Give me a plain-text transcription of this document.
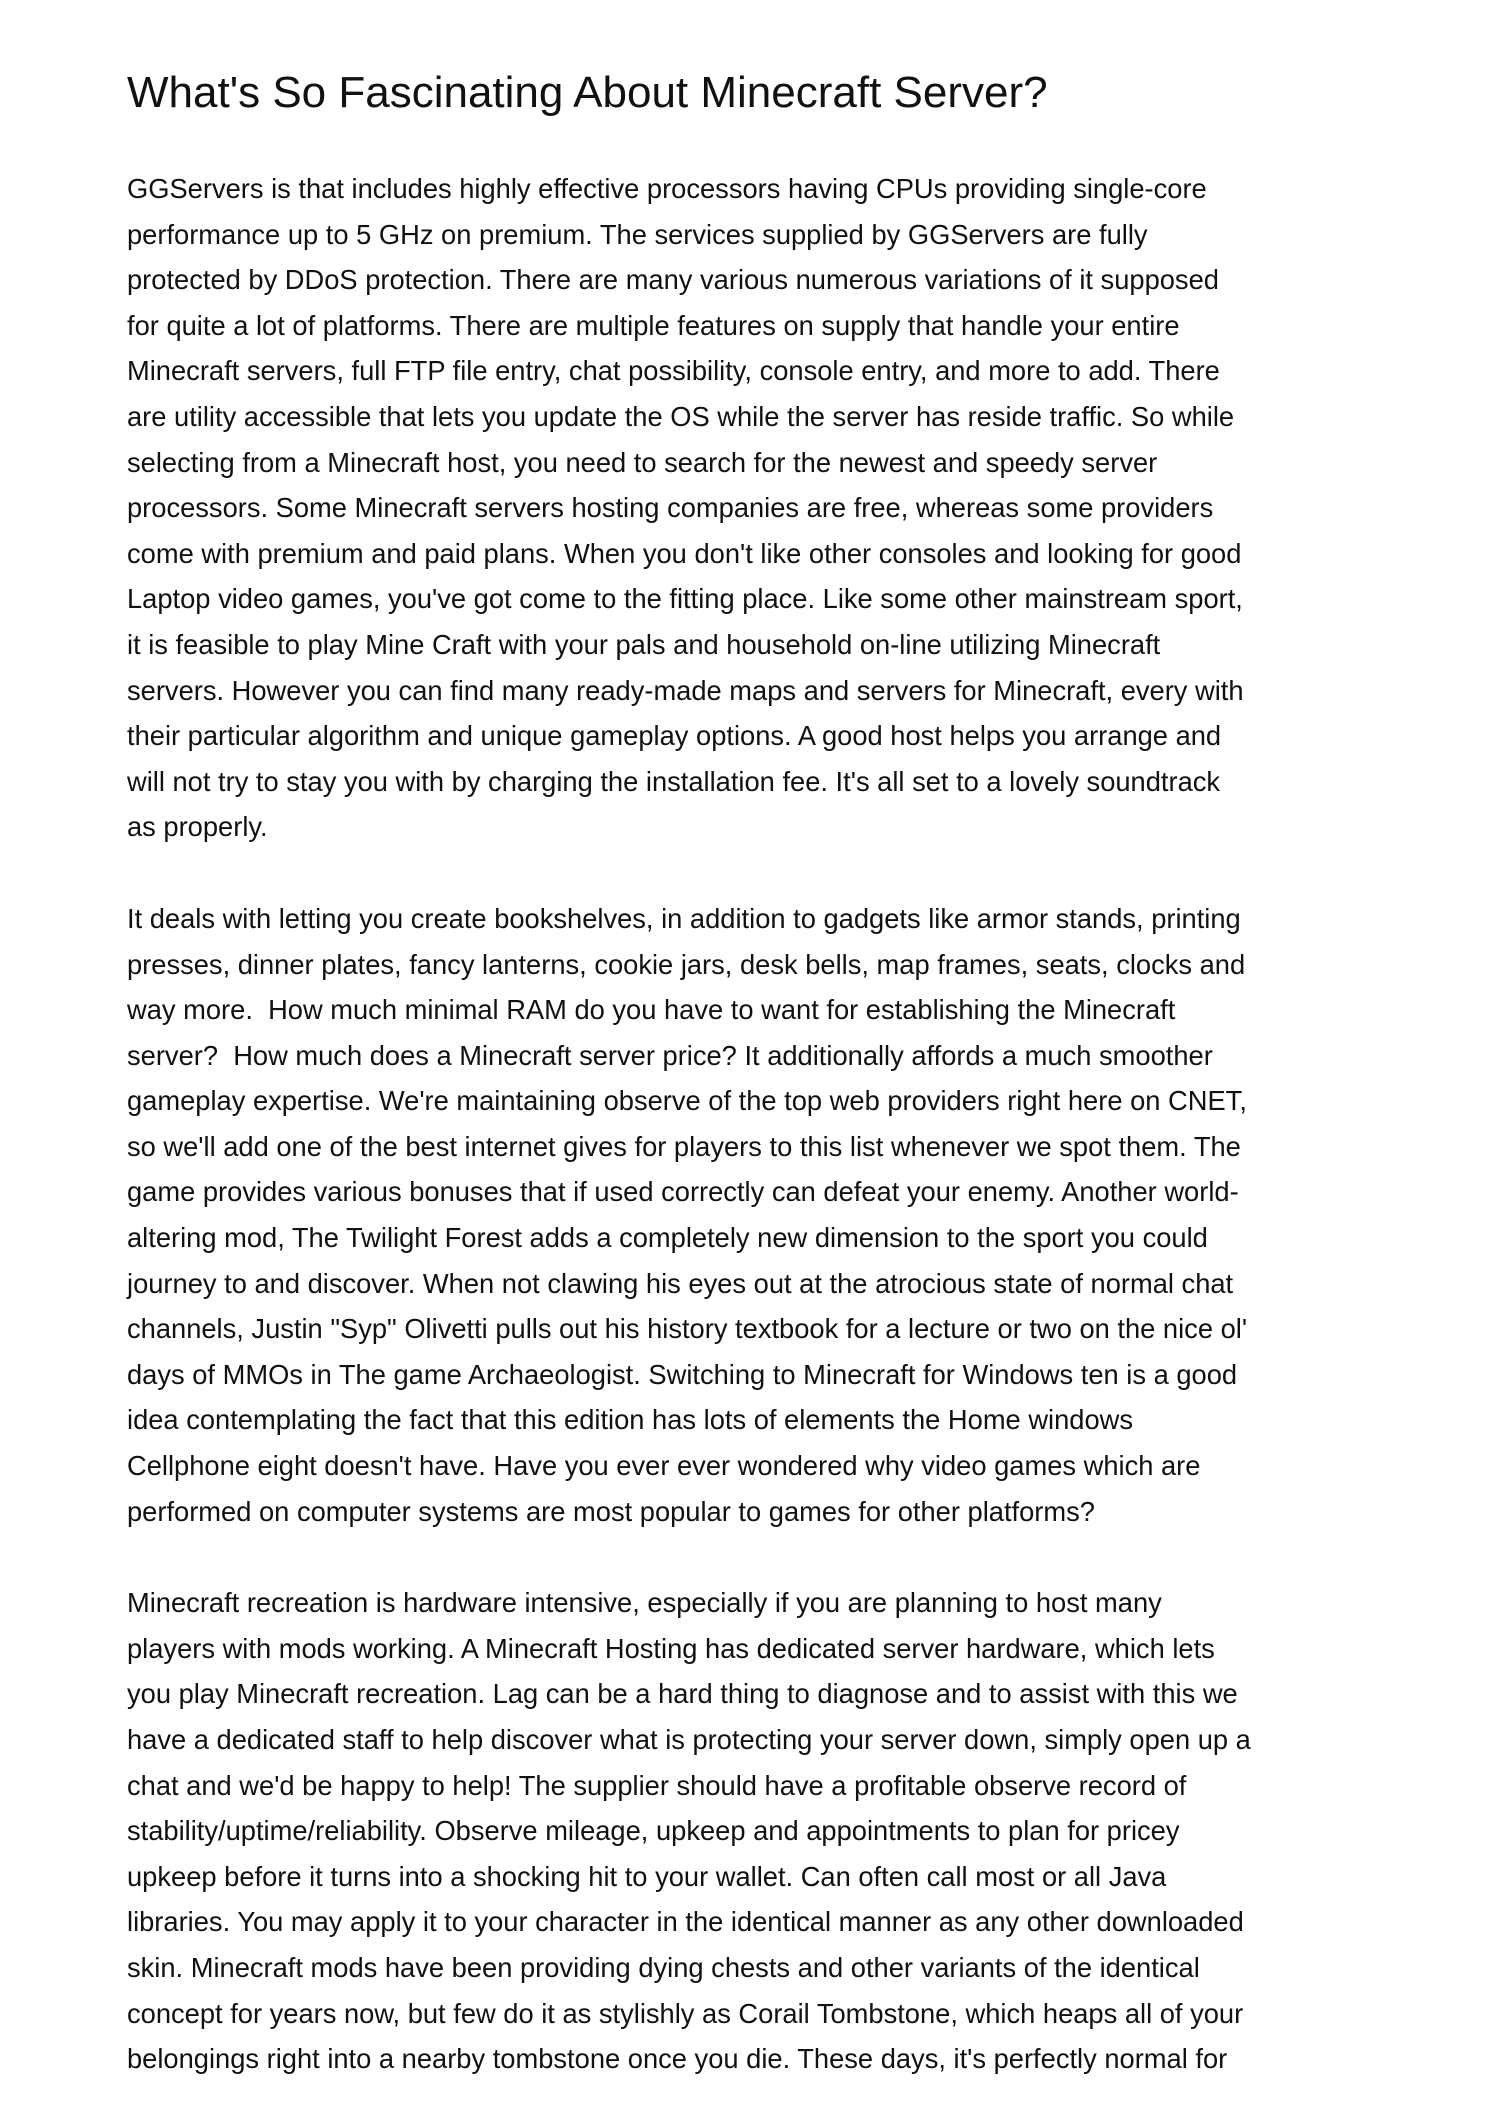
What's So Fascinating About Minecraft Server?

GGServers is that includes highly effective processors having CPUs providing single-core
performance up to 5 GHz on premium. The services supplied by GGServers are fully
protected by DDoS protection. There are many various numerous variations of it supposed
for quite a lot of platforms. There are multiple features on supply that handle your entire
Minecraft servers, full FTP file entry, chat possibility, console entry, and more to add. There
are utility accessible that lets you update the OS while the server has reside traffic. So while
selecting from a Minecraft host, you need to search for the newest and speedy server
processors. Some Minecraft servers hosting companies are free, whereas some providers
come with premium and paid plans. When you don't like other consoles and looking for good
Laptop video games, you've got come to the fitting place. Like some other mainstream sport,
it is feasible to play Mine Craft with your pals and household on-line utilizing Minecraft
servers. However you can find many ready-made maps and servers for Minecraft, every with
their particular algorithm and unique gameplay options. A good host helps you arrange and
will not try to stay you with by charging the installation fee. It's all set to a lovely soundtrack
as properly.

It deals with letting you create bookshelves, in addition to gadgets like armor stands, printing
presses, dinner plates, fancy lanterns, cookie jars, desk bells, map frames, seats, clocks and
way more.  How much minimal RAM do you have to want for establishing the Minecraft
server?  How much does a Minecraft server price? It additionally affords a much smoother
gameplay expertise. We're maintaining observe of the top web providers right here on CNET,
so we'll add one of the best internet gives for players to this list whenever we spot them. The
game provides various bonuses that if used correctly can defeat your enemy. Another world-
altering mod, The Twilight Forest adds a completely new dimension to the sport you could
journey to and discover. When not clawing his eyes out at the atrocious state of normal chat
channels, Justin "Syp" Olivetti pulls out his history textbook for a lecture or two on the nice ol'
days of MMOs in The game Archaeologist. Switching to Minecraft for Windows ten is a good
idea contemplating the fact that this edition has lots of elements the Home windows
Cellphone eight doesn't have. Have you ever ever wondered why video games which are
performed on computer systems are most popular to games for other platforms?

Minecraft recreation is hardware intensive, especially if you are planning to host many
players with mods working. A Minecraft Hosting has dedicated server hardware, which lets
you play Minecraft recreation. Lag can be a hard thing to diagnose and to assist with this we
have a dedicated staff to help discover what is protecting your server down, simply open up a
chat and we'd be happy to help! The supplier should have a profitable observe record of
stability/uptime/reliability. Observe mileage, upkeep and appointments to plan for pricey
upkeep before it turns into a shocking hit to your wallet. Can often call most or all Java
libraries. You may apply it to your character in the identical manner as any other downloaded
skin. Minecraft mods have been providing dying chests and other variants of the identical
concept for years now, but few do it as stylishly as Corail Tombstone, which heaps all of your
belongings right into a nearby tombstone once you die. These days, it's perfectly normal for
